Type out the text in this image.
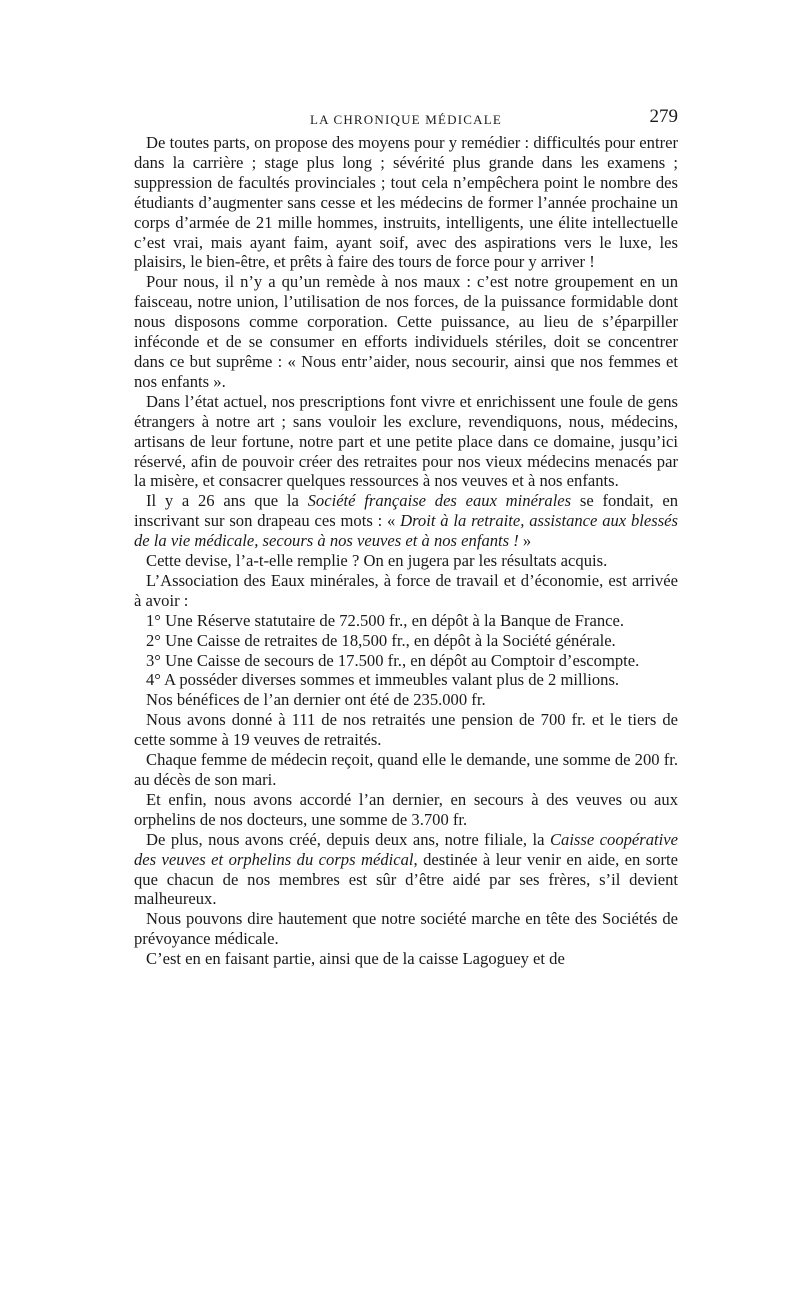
LA CHRONIQUE MÉDICALE	279

De toutes parts, on propose des moyens pour y remédier : difficultés pour entrer dans la carrière ; stage plus long ; sévérité plus grande dans les examens ; suppression de facultés provinciales ; tout cela n’empêchera point le nombre des étudiants d’augmenter sans cesse et les médecins de former l’année prochaine un corps d’armée de 21 mille hommes, instruits, intelligents, une élite intellectuelle c’est vrai, mais ayant faim, ayant soif, avec des aspirations vers le luxe, les plaisirs, le bien-être, et prêts à faire des tours de force pour y arriver !

Pour nous, il n’y a qu’un remède à nos maux : c’est notre groupement en un faisceau, notre union, l’utilisation de nos forces, de la puissance formidable dont nous disposons comme corporation. Cette puissance, au lieu de s’éparpiller inféconde et de se consumer en efforts individuels stériles, doit se concentrer dans ce but suprême : « Nous entr’aider, nous secourir, ainsi que nos femmes et nos enfants ».

Dans l’état actuel, nos prescriptions font vivre et enrichissent une foule de gens étrangers à notre art ; sans vouloir les exclure, revendiquons, nous, médecins, artisans de leur fortune, notre part et une petite place dans ce domaine, jusqu’ici réservé, afin de pouvoir créer des retraites pour nos vieux médecins menacés par la misère, et consacrer quelques ressources à nos veuves et à nos enfants.

Il y a 26 ans que la Société française des eaux minérales se fondait, en inscrivant sur son drapeau ces mots : « Droit à la retraite, assistance aux blessés de la vie médicale, secours à nos veuves et à nos enfants ! »

Cette devise, l’a-t-elle remplie ? On en jugera par les résultats acquis.

L’Association des Eaux minérales, à force de travail et d’économie, est arrivée à avoir :

1° Une Réserve statutaire de 72.500 fr., en dépôt à la Banque de France.

2° Une Caisse de retraites de 18,500 fr., en dépôt à la Société générale.

3° Une Caisse de secours de 17.500 fr., en dépôt au Comptoir d’escompte.

4° A posséder diverses sommes et immeubles valant plus de 2 millions.

Nos bénéfices de l’an dernier ont été de 235.000 fr.

Nous avons donné à 111 de nos retraités une pension de 700 fr. et le tiers de cette somme à 19 veuves de retraités.

Chaque femme de médecin reçoit, quand elle le demande, une somme de 200 fr. au décès de son mari.

Et enfin, nous avons accordé l’an dernier, en secours à des veuves ou aux orphelins de nos docteurs, une somme de 3.700 fr.

De plus, nous avons créé, depuis deux ans, notre filiale, la Caisse coopérative des veuves et orphelins du corps médical, destinée à leur venir en aide, en sorte que chacun de nos membres est sûr d’être aidé par ses frères, s’il devient malheureux.

Nous pouvons dire hautement que notre société marche en tête des Sociétés de prévoyance médicale.

C’est en en faisant partie, ainsi que de la caisse Lagoguey et de
